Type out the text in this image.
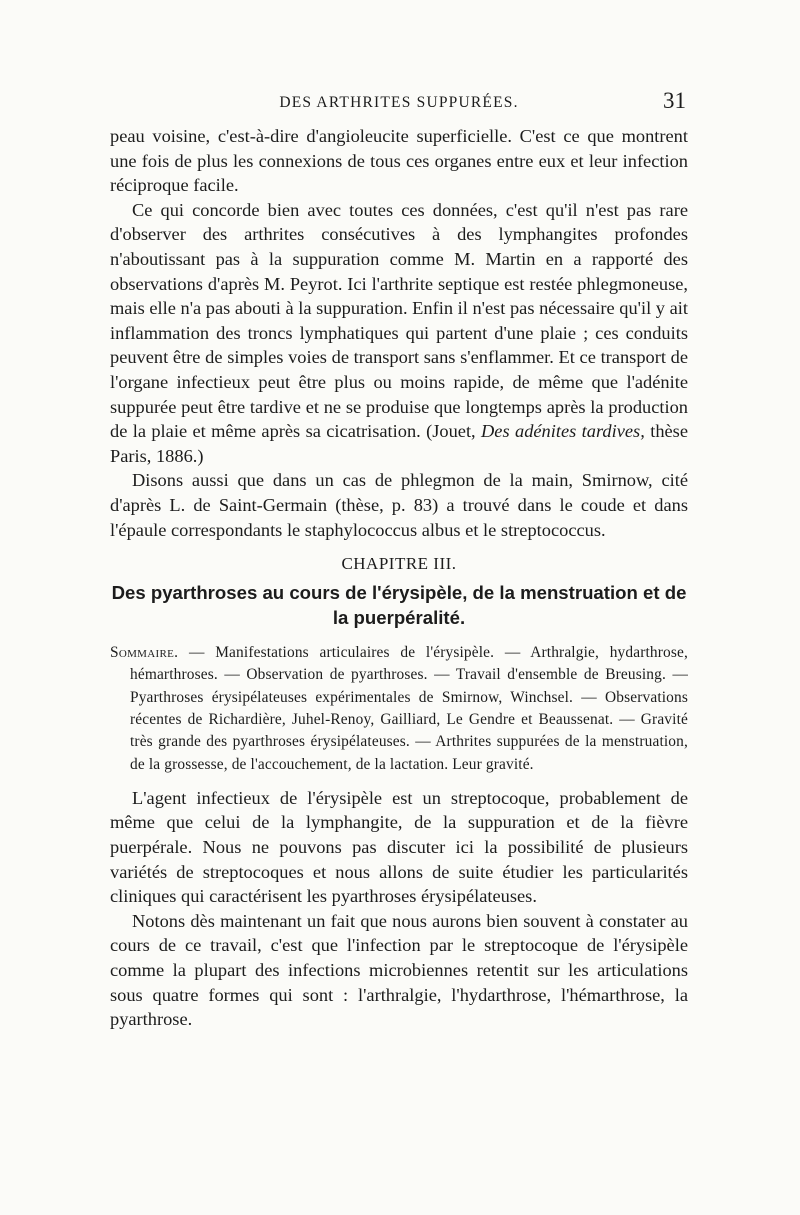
DES ARTHRITES SUPPURÉES.	31

peau voisine, c'est-à-dire d'angioleucite superficielle. C'est ce que montrent une fois de plus les connexions de tous ces organes entre eux et leur infection réciproque facile.

Ce qui concorde bien avec toutes ces données, c'est qu'il n'est pas rare d'observer des arthrites consécutives à des lymphangites profondes n'aboutissant pas à la suppuration comme M. Martin en a rapporté des observations d'après M. Peyrot. Ici l'arthrite septique est restée phlegmoneuse, mais elle n'a pas abouti à la suppuration. Enfin il n'est pas nécessaire qu'il y ait inflammation des troncs lymphatiques qui partent d'une plaie ; ces conduits peuvent être de simples voies de transport sans s'enflammer. Et ce transport de l'organe infectieux peut être plus ou moins rapide, de même que l'adénite suppurée peut être tardive et ne se produise que longtemps après la production de la plaie et même après sa cicatrisation. (Jouet, Des adénites tardives, thèse Paris, 1886.)

Disons aussi que dans un cas de phlegmon de la main, Smirnow, cité d'après L. de Saint-Germain (thèse, p. 83) a trouvé dans le coude et dans l'épaule correspondants le staphylococcus albus et le streptococcus.

CHAPITRE III.
Des pyarthroses au cours de l'érysipèle, de la menstruation et de la puerpéralité.
Sommaire. — Manifestations articulaires de l'érysipèle. — Arthralgie, hydarthrose, hémarthroses. — Observation de pyarthroses. — Travail d'ensemble de Breusing. — Pyarthroses érysipélateuses expérimentales de Smirnow, Winchsel. — Observations récentes de Richardière, Juhel-Renoy, Gailliard, Le Gendre et Beaussenat. — Gravité très grande des pyarthroses érysipélateuses. — Arthrites suppurées de la menstruation, de la grossesse, de l'accouchement, de la lactation. Leur gravité.

L'agent infectieux de l'érysipèle est un streptocoque, probablement de même que celui de la lymphangite, de la suppuration et de la fièvre puerpérale. Nous ne pouvons pas discuter ici la possibilité de plusieurs variétés de streptocoques et nous allons de suite étudier les particularités cliniques qui caractérisent les pyarthroses érysipélateuses.

Notons dès maintenant un fait que nous aurons bien souvent à constater au cours de ce travail, c'est que l'infection par le streptocoque de l'érysipèle comme la plupart des infections microbiennes retentit sur les articulations sous quatre formes qui sont : l'arthralgie, l'hydarthrose, l'hémarthrose, la pyarthrose.
